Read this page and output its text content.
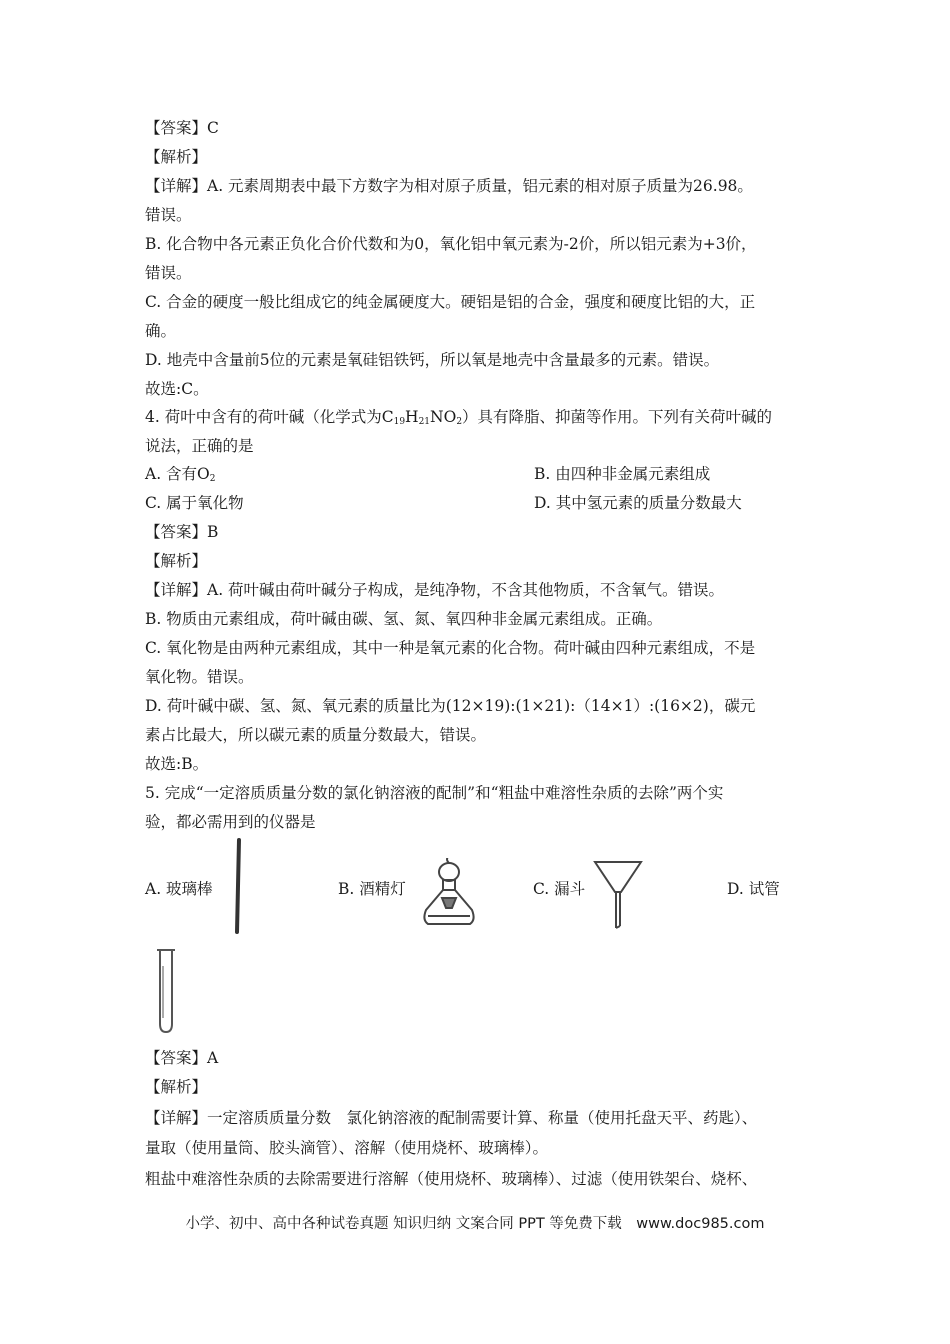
【答案】C
【解析】
【详解】A. 元素周期表中最下方数字为相对原子质量，铝元素的相对原子质量为26.98。
错误。
B. 化合物中各元素正负化合价代数和为0，氧化铝中氧元素为-2价，所以铝元素为+3价，
错误。
C. 合金的硬度一般比组成它的纯金属硬度大。硬铝是铝的合金，强度和硬度比铝的大，正
确。
D. 地壳中含量前5位的元素是氧硅铝铁钙，所以氧是地壳中含量最多的元素。错误。
故选:C。
4. 荷叶中含有的荷叶碱（化学式为$C_{19}H_{21}NO_2$）具有降脂、抑菌等作用。下列有关荷叶碱的
说法，正确的是
A. 含有$O_2$	B. 由四种非金属元素组成
C. 属于氧化物	D. 其中氢元素的质量分数最大
【答案】B
【解析】
【详解】A. 荷叶碱由荷叶碱分子构成，是纯净物，不含其他物质，不含氧气。错误。
B. 物质由元素组成，荷叶碱由碳、氢、氮、氧四种非金属元素组成。正确。
C. 氧化物是由两种元素组成，其中一种是氧元素的化合物。荷叶碱由四种元素组成，不是
氧化物。错误。
D. 荷叶碱中碳、氢、氮、氧元素的质量比为(12×19):(1×21):（14×1）:(16×2)，碳元
素占比最大，所以碳元素的质量分数最大，错误。
故选:B。
5. 完成“一定溶质质量分数的氯化钠溶液的配制”和“粗盐中难溶性杂质的去除”两个实
验，都必需用到的仪器是
A. 玻璃棒	B. 酒精灯	C. 漏斗	D. 试管
【答案】A
【解析】
【详解】一定溶质质量分数　氯化钠溶液的配制需要计算、称量（使用托盘天平、药匙）、
量取（使用量筒、胶头滴管）、溶解（使用烧杯、玻璃棒）。
粗盐中难溶性杂质的去除需要进行溶解（使用烧杯、玻璃棒）、过滤（使用铁架台、烧杯、
小学、初中、高中各种试卷真题 知识归纳 文案合同 PPT 等免费下载　www.doc985.com
